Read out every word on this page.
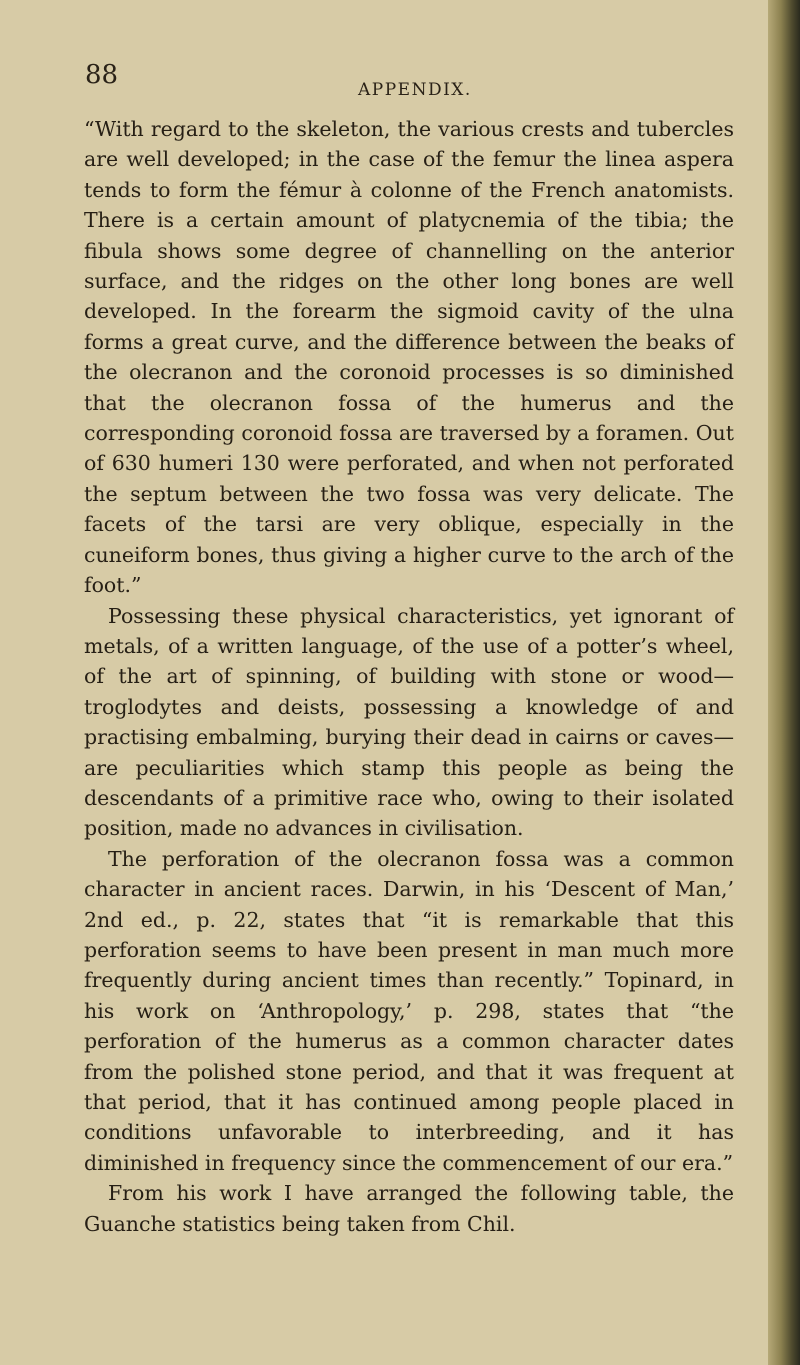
88	APPENDIX.

“With regard to the skeleton, the various crests and tubercles are well developed; in the case of the femur the linea aspera tends to form the fémur à colonne of the French anatomists. There is a certain amount of platycnemia of the tibia; the fibula shows some degree of channelling on the anterior surface, and the ridges on the other long bones are well developed. In the forearm the sigmoid cavity of the ulna forms a great curve, and the difference between the beaks of the olecranon and the coronoid processes is so diminished that the olecranon fossa of the humerus and the corresponding coronoid fossa are traversed by a foramen. Out of 630 humeri 130 were perforated, and when not perforated the septum between the two fossa was very delicate. The facets of the tarsi are very oblique, especially in the cuneiform bones, thus giving a higher curve to the arch of the foot.”

Possessing these physical characteristics, yet ignorant of metals, of a written language, of the use of a potter’s wheel, of the art of spinning, of building with stone or wood—troglodytes and deists, possessing a knowledge of and practising embalming, burying their dead in cairns or caves—are peculiarities which stamp this people as being the descendants of a primitive race who, owing to their isolated position, made no advances in civilisation.

The perforation of the olecranon fossa was a common character in ancient races. Darwin, in his ‘Descent of Man,’ 2nd ed., p. 22, states that “it is remarkable that this perforation seems to have been present in man much more frequently during ancient times than recently.” Topinard, in his work on ‘Anthropology,’ p. 298, states that “the perforation of the humerus as a common character dates from the polished stone period, and that it was frequent at that period, that it has continued among people placed in conditions unfavorable to interbreeding, and it has diminished in frequency since the commencement of our era.”

From his work I have arranged the following table, the Guanche statistics being taken from Chil.
